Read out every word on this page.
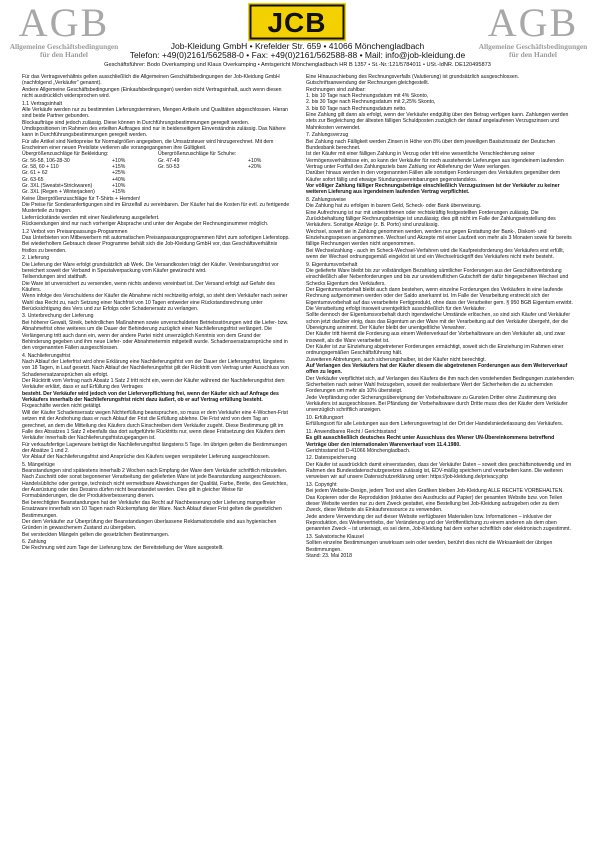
AGB
Allgemeine Geschäftsbedingungen
für den Handel
JCB	AGB
Allgemeine Geschäftsbedingungen
für den Handel
Job-Kleidung GmbH • Krefelder Str. 659 • 41066 Mönchengladbach
Telefon: +49(0)2161/562588-0 • Fax: +49(0)2161/562588-88 • Mail: info@job-kleidung.de
Geschäftsführer: Bodo Overkamping und Klaus Overkamping • Amtsgericht Mönchengladbach HR B 1357 • St.-Nr.:121/5784011 • USt.-IdNR. DE120495873

Für das Vertragsverhältnis gelten ausschließlich die Allgemeinen Geschäftsbedingungen der Job-Kleidung GmbH (nachfolgend „Verkäufer“ genannt).

Andere Allgemeine Geschäftsbedingungen (Einkaufsbedingungen) werden nicht Vertragsinhalt, auch wenn diesen nicht ausdrücklich widersprochen wird.

1.1 Vertragsinhalt

Alle Verkäufe werden nur zu bestimmten Lieferungsterminen, Mengen Artikeln und Qualitäten abgeschlossen. Hieran sind beide Partner gebunden.

Blockaufträge sind jedoch zulässig. Diese können in Durchführungsbestimmungen geregelt werden.

Umdispositionen im Rahmen des erteilten Auftrages sind nur in beiderseitigem Einverständnis zulässig. Das Nähere kann in Durchführungsbestimmungen geregelt werden.

Für alle Artikel sind Nettopreise für Normalgrößen angegeben, die Umsatzsteuer wird hinzugerechnet. Mit dem Erscheinen einer neuen Preisliste verlieren alle vorangegangenen ihre Gültigkeit.

Übergrößenzuschläge für Bekleidung:

Gr. 56-58, 106-28-30	+10%
Gr. 58, 60 + 110	+15%
Gr. 61 + 62	+25%
Gr. 63-65	+40%
Gr. 3XL (Sweatst+Strickwaren)	+10%
Gr. 3XL (Regen + Winterjacken)	+15%

Übergrößenzuschläge für Schuhe:

Gr. 47-49	+10%
Gr. 50-53	+20%

Keine Übergrößenzuschläge für T-Shirts + Hemden!

Die Preise für Sonderanfertigungen sind im Einzelfall zu vereinbaren. Der Käufer hat die Kosten für evtl. zu fertigende Musterteile zu tragen.

Lieferrückstände werden mit einer Neulieferung ausgeliefert.

Rücksendungen sind nur nach vorheriger Absprache und unter der Angabe der Rechnungsnummer möglich.

1.2 Verbot von Preisanpassungs-Programmen

Das Unterbieten von Mitbewerbern mit automatischen Preisanpassungsprogrammen führt zum sofortigen Lieferstopp. Bei wiederholtem Gebrauch dieser Programme behält sich die Job-Kleidung GmbH vor, das Geschäftsverhältnis fristlos zu beenden.

2. Lieferung

Die Lieferung der Ware erfolgt grundsätzlich ab Werk. Die Versandkosten trägt der Käufer. Vereinbarungsfrist vor bereichert soweit der Verband in Spezialverpackung vom Käufer gewünscht wird.

Teilsendungen sind statthaft.

Die Ware ist unversichert zu versenden, wenn nichts anderes vereinbart ist. Der Versand erfolgt auf Gefahr des Käufers.

Wenn infolge des Verschuldens der Käufer die Abnahme nicht rechtzeitig erfolgt, so steht dem Verkäufer nach seiner Wahl das Recht zu, nach Setzung einer Nachfrist von 10 Tagen entweder eine Rückstandsrechnung unter Berücksichtigung des Vers und zur Erfolgs oder Schadenersatz zu verlangen.

3. Unterbrechung der Lieferung

Bei höherer Gewalt, Streik, behördlichen Maßnahmen sowie unverschuldeten Betriebsstörungen wird die Liefer- bzw. Abnahmefrist ohne weiteres um die Dauer der Behinderung zuzüglich einer Nachlieferungsfrist verlängert. Die Verlängerung tritt auch dann ein, wenn der andere Partei nicht unverzüglich Kenntnis von dem Grund der Behinderung gegeben und ihm neue Liefer- oder Abnahmetermin mitgeteilt wurde. Schadensersatzansprüche sind in den vorgenannten Fällen ausgeschlossen.

4. Nachlieferungsfrist

Nach Ablauf der Lieferfrist wird ohne Erklärung eine Nachlieferungsfrist von der Dauer der Lieferungsfrist, längstens von 18 Tagen, in Lauf gesetzt. Nach Ablauf der Nachlieferungsfrist gilt der Rücktritt vom Vertrag unter Ausschluss von Schadenersatzansprüchen als erfolgt.

Der Rücktritt vom Vertrag nach Absatz 1 Satz 2 tritt nicht ein, wenn der Käufer während der Nachlieferungsfrist dem Verkäufer erklärt, dass er auf Erfüllung des Vertrages

besteht. Der Verkäufer wird jedoch von der Lieferverpflichtung frei, wenn der Käufer sich auf Anfrage des Verkäufers innerhalb der Nachlieferungsfrist nicht dazu äußert, ob er auf Vertrag erfüllung besteht.

Fixgeschäfte werden nicht getätigt.

Will der Käufer Schadensersatz wegen Nichterfüllung beanspruchen, so muss er dem Verkäufer eine 4-Wochen-Frist setzen mit der Androhung dass er nach Ablauf der Frist die Erfüllung ablehne. Die Frist wird von dem Tag an gerechnet, an dem die Mitteilung des Käufers durch Einschreiben dem Verkäufer zugeht. Diese Bestimmung gilt im Falle des Absatzes 1 Satz 2 ebenfalls das dort aufgeführte Rücktritts nur, wenn diese Fristsetzung des Käufers dem Verkäufer innerhalb der Nachlieferungsfristzugegangen ist.

Für verkaufsfertige Lagerware beträgt die Nachlieferungsfrist längstens 5 Tage. Im übrigen gelten die Bestimmungen der Absätze 1 und 2.

Vor Ablauf der Nachlieferungsfrist sind Ansprüche des Käufers wegen verspäteter Lieferung ausgeschlossen.

5. Mängelrüge

Beanstandungen sind spätestens innerhalb 2 Wochen nach Empfang der Ware dem Verkäufer schriftlich mitzuteilen.

Nach Zuschnitt oder sonst begonnener Verarbeitung der gelieferten Ware ist jede Beanstandung ausgeschlossen.

Handelsübliche oder geringe, technisch nicht vermeidbare Abweichungen der Qualität, Farbe, Breite, des Gewichtes, der Ausrüstung oder des Dessins dürfen nicht beanstandet werden. Dies gilt in gleicher Weise für Formabänderungen, die der Produktverbesserung dienen.

Bei berechtigten Beanstandungen hat der Verkäufer das Recht auf Nachbesserung oder Lieferung mangelfreier Ersatzware innerhalb von 10 Tagen nach Rückempfang der Ware. Nach Ablauf dieser Frist gelten die gesetzlichen Bestimmungen.

Der dem Verkäufer zur Überprüfung der Beanstandungen überlassene Reklamationsteile sind aus hygienischen Gründen in gewaschenem Zustand zu übergeben.

Bei versteckten Mängeln gelten die gesetzlichen Bestimmungen.

6. Zahlung

Die Rechnung wird zum Tage der Lieferung bzw. der Bereitstellung der Ware ausgestellt.

Eine Hinausschiebung des Rechnungsverfalls (Valutierung) ist grundsätzlich ausgeschlossen.

Gutschriftsanwendung der Rechnungen gleichgestellt.

Rechnungen sind zahlbar:

1. bis 10 Tage nach Rechnungsdatum mit 4% Skonto,

2. bis 30 Tage nach Rechnungsdatum mit 2,25% Skonto,

3. bis 60 Tage nach Rechnungsdatum netto.

Eine Zahlung gilt dann als erfolgt, wenn der Verkäufer endgültig über den Betrag verfügen kann. Zahlungen werden stets zur Begleichung der ältesten fälligen Schuldposten zuzüglich der darauf angelaufenen Verzugszinsen und Mahnkosten verwendet.

7. Zahlungsverzug

Bei Zahlung nach Fälligkeit werden Zinsen in Höhe von 8% über dem jeweiligen Basiszinssatz der Deutschen Bundesbank berechnet.

Ist der Käufer mit einer fälligen Zahlung in Verzug oder tritt eine wesentliche Verschlechterung seiner Vermögensverhältnisse ein, so kann der Verkäufer für noch ausstehende Lieferungen aus irgendeinem laufenden Vertrag unter Fortfall des Zahlungsziels bare Zahlung vor Ablieferung der Ware verlangen.

Darüber hinaus werden in den vorgenannten Fällen alle sonstigen Forderungen des Verkäufers gegenüber dem Käufer sofort fällig und etwaige Stundungsvereinbarungen gegenstandslos.

Vor völliger Zahlung fälliger Rechnungsbeträge einschließlich Verzugszinsen ist der Verkäufer zu keiner weiteren Lieferung aus irgendeinem laufenden Vertrag verpflichtet.

8. Zahlungsweise

Die Zahlung hat zu erfolgen in barem Geld, Scheck- oder Bank überweisung.

Eine Aufrechnung ist nur mit unbestrittenen oder rechtskräftig festgestellten Forderungen zulässig. Die Zurückbehaltung fälliger Rechnungsbeträge ist unzulässig; dies gilt nicht im Falle der Zahlungseinstellung des Verkäufers. Sonstige Abzüge (z. B. Porto) sind unzulässig.

Wechsel, soweit sie in Zahlung genommen werden, werden nur gegen Erstattung der Bank-, Diskont- und Einziehungsspesen angenommen. Wechsel und Akzepte mit einer Laufzeit von mehr als 3 Monaten sowie für bereits fällige Rechnungen werden nicht angenommen.

Bei Wechselzahlung - auch im Scheck-Wechsel-Verfahren wird die Kaufpreisforderung des Verkäufers erst erfüllt, wenn der Wechsel ordnungsgemäß eingelöst ist und ein Wechselrückgriff des Verkäufers nicht mehr besteht.

9. Eigentumsvorbehalt

Die gelieferte Ware bleibt bis zur vollständigen Bezahlung sämtlicher Forderungen aus der Geschäftsverbindung einschließlich aller Nebenforderungen und bis zur unwiderruflichen Gutschrift der dafür hingegebenen Wechsel und Schecks Eigentum des Verkäufers.

Der Eigentumsvorbehalt bleibt auch dann bestehen, wenn einzelne Forderungen des Verkäufers in eine laufende Rechnung aufgenommen werden oder der Saldo anerkannt ist. Im Falle der Verarbeitung erstreckt sich der Eigentumsvorbehalt auf das verarbeitete Fertigprodukt, ohne dass der Verarbeiter gem. § 950 BGB Eigentum erwirbt. Die Verarbeitung erfolgt insoweit unentgeltlich ausschließlich für den Verkäufer.

Sollte dennoch der Eigentumsvorbehalt durch irgendwelche Umstände erlöschen, so sind sich Käufer und Verkäufer schon jetzt darüber einig, dass das Eigentum an der Ware mit der Verarbeitung auf den Verkäufer übergeht, der die Übereignung annimmt. Der Käufer bleibt der unentgeltliche Verwahrer.

Der Käufer tritt hiermit die Forderung aus einem Weiterverkauf der Vorbehaltsware an den Verkäufer ab, und zwar insoweit, als die Ware verarbeitet ist.

Der Käufer ist zur Einziehung abgetretener Forderungen ermächtigt, soweit sich die Einziehung im Rahmen einer ordnungsgemäßen Geschäftsführung hält.

Zuweiteren Abtretungen, auch sicherungshalber, ist der Käufer nicht berechtigt.

Auf Verlangen des Verkäufers hat der Käufer diesem die abgetretenen Forderungen aus dem Weiterverkauf offen zu legen.

Der Verkäufer verpflichtet sich, auf Verlangen des Käufers die ihm nach den vorstehenden Bedingungen zustehenden Sicherheiten nach seiner Wahl freizugeben, soweit der realisierbare Wert der Sicherheiten die zu sichernden Forderungen um mehr als 10% übersteigt.

Jede Verpfändung oder Sicherungsübereignung der Vorbehaltsware zu Gunsten Dritter ohne Zustimmung des Verkäufers ist ausgeschlossen. Bei Pfändung der Vorbehaltsware durch Dritte muss dies der Käufer dem Verkäufer unverzüglich schriftlich anzeigen.

10. Erfüllungsort

Erfüllungsort für alle Leistungen aus dem Lieferungsvertrag ist der Ort der Handelsniederlassung des Verkäufers.

11. Anwendbares Recht / Gerichtsstand

Es gilt ausschließlich deutsches Recht unter Ausschluss des Wiener UN-Übereinkommens betreffend Verträge über den internationalen Warenverkauf vom 11.4.1980.

Gerichtsstand ist D-41066 Mönchengladbach.

12. Datenspeicherung

Der Käufer ist ausdrücklich damit einverstanden, dass der Verkäufer Daten – soweit dies geschäftsnotwendig und im Rahmen des Bundesdatenschutzgesetzes zulässig ist, EDV-mäßig speichern und verarbeiten kann. Die weiteren verweisen wir auf unsere Datenschutzerklärung unter: https://job-kleidung.de/privacy.php

13. Copyright

Bei jedem Website-Design, jedem Text und allen Grafiken bleiben Job-Kleidung ALLE RECHTE VORBEHALTEN. Das Kopieren oder die Reproduktion (inklusive des Ausdrucks auf Papier) der gesamten Website bzw. von Teilen dieser Website werden nur zu dem Zweck gestattet, eine Bestellung bei Job-Kleidung aufzugeben oder zu dem Zweck, diese Website als Einkaufsressource zu verwenden.

Jede andere Verwendung der auf dieser Website verfügbaren Materialien bzw. Informationen – inklusive der Reproduktion, des Weitervertriebs, der Veränderung und der Veröffentlichung zu einem anderen als dem oben genannten Zweck – ist untersagt, es sei denn, Job-Kleidung hat dem vorher schriftlich oder elektronisch zugestimmt.

13. Salvatorische Klausel

Sollten einzelne Bestimmungen unwirksam sein oder werden, berührt dies nicht die Wirksamkeit der übrigen Bestimmungen.

Stand: 23. Mai 2018
